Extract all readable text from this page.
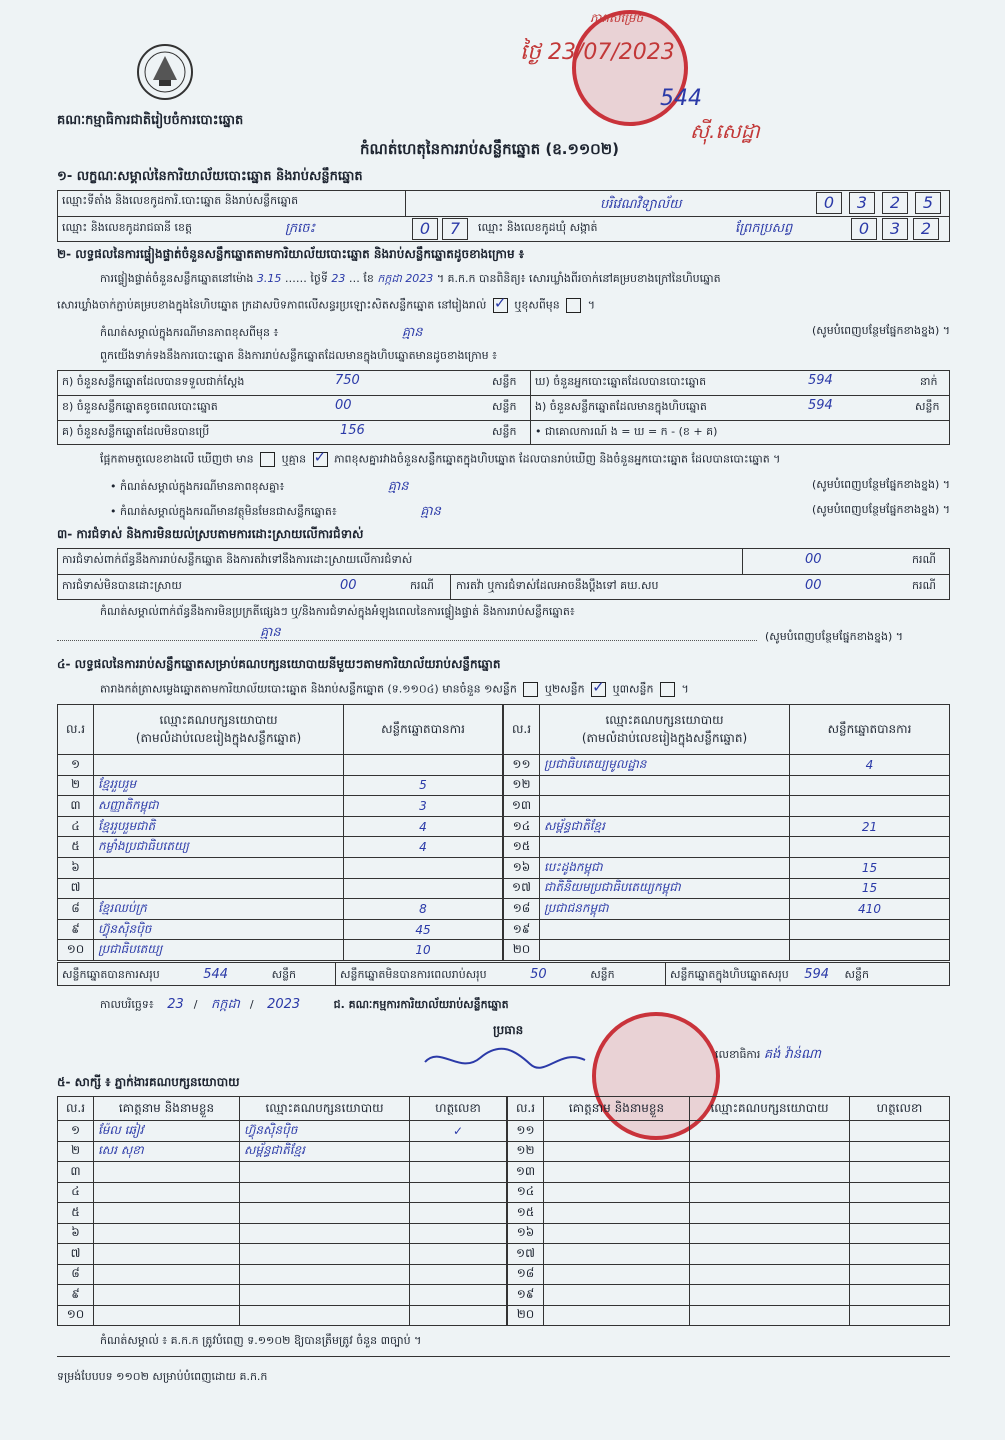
គណៈកម្មាធិការជាតិរៀបចំការបោះឆ្នោត
ភាគសម្រេច
ថ្ងៃ 23/07/2023
544
ស៊ី.សេដ្ឋា
កំណត់ហេតុនៃការរាប់សន្លឹកឆ្នោត (ឧ.១១០២)
១- លក្ខណៈសម្គាល់នៃការិយាល័យបោះឆ្នោត និងរាប់សន្លឹកឆ្នោត
ឈ្មោះទីតាំង និងលេខកូដការិ.បោះឆ្នោត និងរាប់សន្លឹកឆ្នោត	បរិវេណវិទ្យាល័យ	0	3	2	5
ឈ្មោះ និងលេខកូដរាជធានី ខេត្ត	ក្រចេះ	0	7	ឈ្មោះ និងលេខកូដឃុំ សង្កាត់	ព្រែកប្រសព្វ	0	3	2
២- លទ្ធផលនៃការផ្ទៀងផ្ទាត់ចំនួនសន្លឹកឆ្នោតតាមការិយាល័យបោះឆ្នោត និងរាប់សន្លឹកឆ្នោតដូចខាងក្រោម ៖
ការផ្ទៀងផ្ទាត់ចំនួនសន្លឹកឆ្នោតនៅម៉ោង 3.15 …… ថ្ងៃទី 23 … ខែ កក្កដា 2023 ។ គ.ក.ក បានពិនិត្យ៖ សោរឃ្លាំងពីរចាក់នៅគម្របខាងក្រៅនៃហិបឆ្នោត
សោរឃ្លាំងចាក់ភ្ជាប់គម្របខាងក្នុងនៃហិបឆ្នោត ក្រដាសបិទភាពលើសន្ធរប្រឡោះសិតសន្លឹកឆ្នោត នៅរៀងរាល់ ✓	ឬខុសពីមុន  ។
កំណត់សម្គាល់ក្នុងករណីមានភាពខុសពីមុន ៖	គ្មាន	(សូមបំពេញបន្ថែមផ្នែកខាងខ្នង) ។
ពួកយើងទាក់ទងនឹងការបោះឆ្នោត និងការរាប់សន្លឹកឆ្នោតដែលមានក្នុងហិបឆ្នោតមានដូចខាងក្រោម ៖
ក) ចំនួនសន្លឹកឆ្នោតដែលបានទទួលជាក់ស្តែង	750	សន្លឹក ឃ) ចំនួនអ្នកបោះឆ្នោតដែលបានបោះឆ្នោត	594	នាក់
ខ) ចំនួនសន្លឹកឆ្នោតខូចពេលបោះឆ្នោត	00	សន្លឹក ង) ចំនួនសន្លឹកឆ្នោតដែលមានក្នុងហិបឆ្នោត	594	សន្លឹក
គ) ចំនួនសន្លឹកឆ្នោតដែលមិនបានប្រើ	156	សន្លឹក • ជាគោលការណ៍ ង = ឃ = ក - (ខ + គ)
ផ្អែកតាមតួលេខខាងលើ ឃើញថា មាន	ឬគ្មាន ✓	ភាពខុសគ្នារវាងចំនួនសន្លឹកឆ្នោតក្នុងហិបឆ្នោត ដែលបានរាប់ឃើញ និងចំនួនអ្នកបោះឆ្នោត ដែលបានបោះឆ្នោត ។
• កំណត់សម្គាល់ក្នុងករណីមានភាពខុសគ្នា៖	គ្មាន	(សូមបំពេញបន្ថែមផ្នែកខាងខ្នង) ។
• កំណត់សម្គាល់ក្នុងករណីមានវត្ថុមិនមែនជាសន្លឹកឆ្នោត៖	គ្មាន	(សូមបំពេញបន្ថែមផ្នែកខាងខ្នង) ។
៣- ការជំទាស់ និងការមិនយល់ស្របតាមការដោះស្រាយលើការជំទាស់
ការជំទាស់ពាក់ព័ន្ធនឹងការរាប់សន្លឹកឆ្នោត និងការតវ៉ាទៅនឹងការដោះស្រាយលើការជំទាស់	00	ករណី
ការជំទាស់មិនបានដោះស្រាយ	00	ករណី ការតវ៉ា ឬការជំទាស់ដែលអាចនឹងប្តឹងទៅ គឃ.សប	00	ករណី
កំណត់សម្គាល់ពាក់ព័ន្ធនឹងការមិនប្រក្រតីផ្សេងៗ ឬ/និងការជំទាស់ក្នុងអំឡុងពេលនៃការផ្ទៀងផ្ទាត់ និងការរាប់សន្លឹកឆ្នោត៖
គ្មាន	(សូមបំពេញបន្ថែមផ្នែកខាងខ្នង) ។
៤- លទ្ធផលនៃការរាប់សន្លឹកឆ្នោតសម្រាប់គណបក្សនយោបាយនីមួយៗតាមការិយាល័យរាប់សន្លឹកឆ្នោត
តារាងកត់ត្រាសម្លេងឆ្នោតតាមការិយាល័យបោះឆ្នោត និងរាប់សន្លឹកឆ្នោត (ទ.១១០៤) មានចំនួន ១សន្លឹក	ឬ២សន្លឹក ✓	ឬ៣សន្លឹក  ។
ល.រ	ឈ្មោះគណបក្សនយោបាយ
(តាមលំដាប់លេខរៀងក្នុងសន្លឹកឆ្នោត)	សន្លឹកឆ្នោតបានការ
១		
២	ខ្មែររួបរួម	5
៣	សញ្ញាតិកម្ពុជា	3
៤	ខ្មែររួបរួមជាតិ	4
៥	កម្លាំងប្រជាធិបតេយ្យ	4
៦		
៧		
៨	ខ្មែរឈប់ក្រ	8
៩	ហ៊្វុនស៊ិនប៉ិច	45
១០	ប្រជាធិបតេយ្យ	10
ល.រ	ឈ្មោះគណបក្សនយោបាយ
(តាមលំដាប់លេខរៀងក្នុងសន្លឹកឆ្នោត)	សន្លឹកឆ្នោតបានការ
១១	ប្រជាធិបតេយ្យមូលដ្ឋាន	4
១២		
១៣		
១៤	សម្ព័ន្ធជាតិខ្មែរ	21
១៥		
១៦	បេះដូងកម្ពុជា	15
១៧	ជាតិនិយមប្រជាធិបតេយ្យកម្ពុជា	15
១៨	ប្រជាជនកម្ពុជា	410
១៩		
២០		
សន្លឹកឆ្នោតបានការសរុប	544	សន្លឹក	សន្លឹកឆ្នោតមិនបានការពេលរាប់សរុប	50	សន្លឹក	សន្លឹកឆ្នោតក្នុងហិបឆ្នោតសរុប 594 សន្លឹក
កាលបរិច្ឆេទ៖ 23 / កក្កដា / 2023	ជ. គណៈកម្មការការិយាល័យរាប់សន្លឹកឆ្នោត
ប្រធាន
លេខាធិការ គង់ វ៉ាន់ណា
៥- សាក្សី ៖ ភ្នាក់ងារគណបក្សនយោបាយ
ល.រ	គោត្តនាម និងនាមខ្លួន	ឈ្មោះគណបក្សនយោបាយ	ហត្ថលេខា
១	ម៉ែល ឆៀវ	ហ៊្វុនស៊ិនប៉ិច	✓
២	សេរ សុខា	សម្ព័ន្ធជាតិខ្មែរ	
៣			
៤			
៥			
៦			
៧			
៨			
៩			
១០			
ល.រ	គោត្តនាម និងនាមខ្លួន	ឈ្មោះគណបក្សនយោបាយ	ហត្ថលេខា
១១			
១២			
១៣			
១៤			
១៥			
១៦			
១៧			
១៨			
១៩			
២០			
កំណត់សម្គាល់ ៖ គ.ក.ក ត្រូវបំពេញ ទ.១១០២ ឱ្យបានត្រឹមត្រូវ ចំនួន ៣ច្បាប់ ។
ទម្រង់បែបបទ ១១០២ សម្រាប់បំពេញដោយ គ.ក.ក
